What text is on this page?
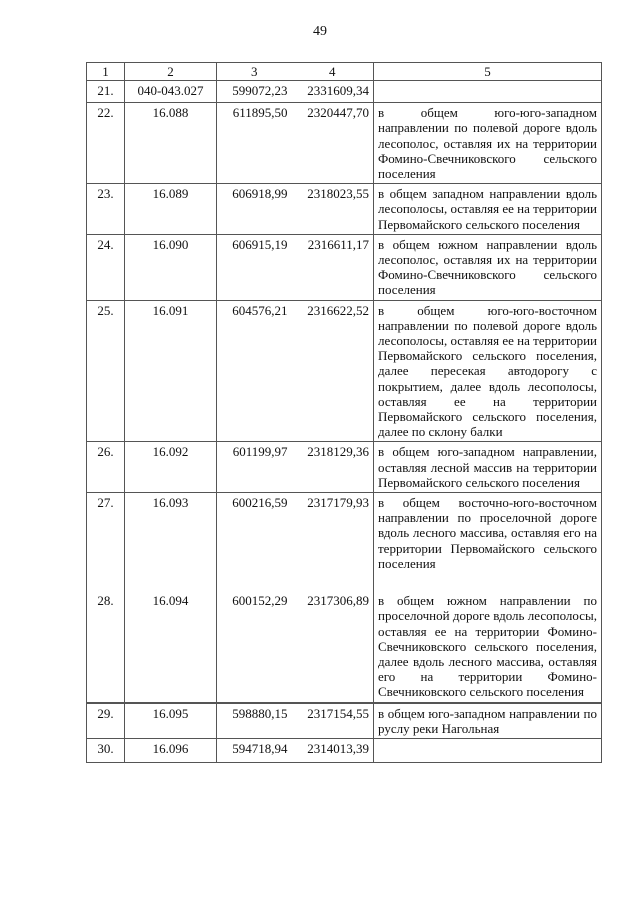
49
1	2	3	4	5
21.	040-043.027	599072,23	2331609,34	
22.	16.088	611895,50	2320447,70	в общем юго-юго-западном направлении по полевой дороге вдоль лесополос, оставляя их на территории Фомино-Свечниковского сельского поселения
23.	16.089	606918,99	2318023,55	в общем западном направлении вдоль лесополосы, оставляя ее на территории Первомайского сельского поселения
24.	16.090	606915,19	2316611,17	в общем южном направлении вдоль лесополос, оставляя их на территории Фомино-Свечниковского сельского поселения
25.	16.091	604576,21	2316622,52	в общем юго-юго-восточном направлении по полевой дороге вдоль лесополосы, оставляя ее на территории Первомайского сельского поселения, далее пересекая автодорогу с покрытием, далее вдоль лесополосы, оставляя ее на территории Первомайского сельского поселения, далее по склону балки
26.	16.092	601199,97	2318129,36	в общем юго-западном направлении, оставляя лесной массив на территории Первомайского сельского поселения
27.	16.093	600216,59	2317179,93	в общем восточно-юго-восточном направлении по проселочной дороге вдоль лесного массива, оставляя его на территории Первомайского сельского поселения
28.	16.094	600152,29	2317306,89	в общем южном направлении по проселочной дороге вдоль лесополосы, оставляя ее на территории Фомино-Свечниковского сельского поселения, далее вдоль лесного массива, оставляя его на территории Фомино-Свечниковского сельского поселения
29.	16.095	598880,15	2317154,55	в общем юго-западном направлении по руслу реки Нагольная
30.	16.096	594718,94	2314013,39	
